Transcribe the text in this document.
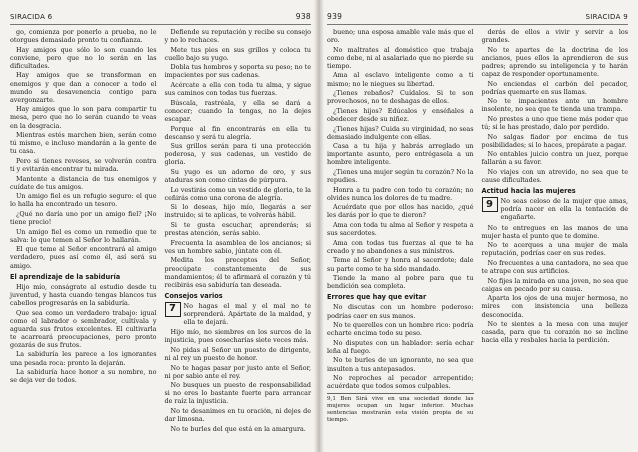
SIRACIDA 6	938

go, comienza por ponerlo a prueba, no le otorgues demasiado pronto tu confianza.

Hay amigos que sólo lo son cuando les conviene, pero que no lo serán en las dificultades.

Hay amigos que se transforman en enemigos y que dan a conocer a todo el mundo su desavenencia contigo para avergonzarte.

Hay amigos que lo son para compartir tu mesa, pero que no lo serán cuando te veas en la desgracia.

Mientras estés marchen bien, serán como tú mismo, e incluso mandarán a la gente de tu casa.

Pero si tienes reveses, se volverán contra ti y evitarán encontrar tu mirada.

Mantente a distancia de tus enemigos y cuídate de tus amigos.

Un amigo fiel es un refugio seguro: el que lo halla ha encontrado un tesoro.

¿Qué no daría uno por un amigo fiel? ¡No tiene precio!

Un amigo fiel es como un remedio que te salva: lo que temen al Señor lo hallarán.

El que teme al Señor encontrará al amigo verdadero, pues así como él, así será su amigo.

El aprendizaje de la sabiduría

Hijo mío, conságrate al estudio desde tu juventud, y hasta cuando tengas blancos tus cabellos progresarás en la sabiduría.

Que sea como un verdadero trabajo: igual como el labrador o sembrador, cultívala y aguarda sus frutos excelentes. El cultivarla te acarreará preocupaciones, pero pronto gozarás de sus frutos.

La sabiduría les parece a los ignorantes una pesada roca: pronto la dejarán.

La sabiduría hace honor a su nombre, no se deja ver de todos.

Defiende su reputación y recibe su consejo y no lo rechaces.

Mete tus pies en sus grillos y coloca tu cuello bajo su yugo.

Dobla tus hombros y soporta su peso; no te impacientes por sus cadenas.

Acércate a ella con toda tu alma, y sigue sus caminos con todas tus fuerzas.

Búscala, rastréala, y ella se dará a conocer; cuando la tengas, no la dejes escapar.

Porque al fin encontrarás en ella tu descanso y será tu alegría.

Sus grillos serán para ti una protección poderosa, y sus cadenas, un vestido de gloria.

Su yugo es un adorno de oro, y sus ataduras son como cintas de púrpura.

Lo vestirás como un vestido de gloria, te la ceñirás como una corona de alegría.

Si lo deseas, hijo mío, llegarás a ser instruido; si te aplicas, te volverás hábil.

Si te gusta escuchar, aprenderás; si prestas atención, serás sabio.

Frecuenta la asamblea de los ancianos; si ves un hombre sabio, júntate con él.

Medita los preceptos del Señor, preocúpate constantemente de sus mandamientos; él te afirmará el corazón y tú recibirás esa sabiduría tan deseada.

Consejos varios
7	No hagas el mal y el mal no te sorprenderá. Apártate de la maldad, y ella te dejará.

Hijo mío, no siembres en los surcos de la injusticia, pues cosecharías siete veces más.

No pidas al Señor un puesto de dirigente, ni al rey un puesto de honor.

No te hagas pasar por justo ante el Señor, ni por sabio ante el rey.

No busques un puesto de responsabilidad si no eres lo bastante fuerte para arrancar de raíz la injusticia.

No te desanimes en tu oración, ni dejes de dar limosna.

No te burles del que está en la amargura.

939	SIRACIDA 9

bueno; una esposa amable vale más que el oro.

No maltrates al doméstico que trabaja como debe, ni al asalariado que no pierde su tiempo.

Ama al esclavo inteligente como a ti mismo; no le niegues su libertad.

¿Tienes rebaños? Cuídalos. Si te son provechosos, no te deshagas de ellos.

¿Tienes hijos? Edúcalos y enséñales a obedecer desde su niñez.

¿Tienes hijas? Cuida su virginidad, no seas demasiado indulgente con ellas.

Casa a tu hija y habrás arreglado un importante asunto, pero entrégasela a un hombre inteligente.

¿Tienes una mujer según tu corazón? No la repudies.

Honra a tu padre con todo tu corazón; no olvides nunca los dolores de tu madre.

Acuérdate que por ellos has nacido, ¿qué les darás por lo que te dieron?

Ama con toda tu alma al Señor y respeta a sus sacerdotes.

Ama con todas tus fuerzas al que te ha creado y no abandones a sus ministros.

Teme al Señor y honra al sacerdote; dale su parte como te ha sido mandado.

Tiende la mano al pobre para que tu bendición sea completa.

Errores que hay que evitar

No discutas con un hombre poderoso: podrías caer en sus manos.

No te querelles con un hombre rico: podría echarte encima todo su peso.

No disputes con un hablador: sería echar leña al fuego.

No te burles de un ignorante, no sea que insulten a tus antepasados.

No reproches al pecador arrepentido; acuérdate que todos somos culpables.

9,1 Ben Sirá vive en una sociedad donde las mujeres ocupan un lugar inferior. Muchas sentencias mostrarán esta visión propia de su tiempo.

derás de ellos a vivir y servir a los grandes.

No te apartes de la doctrina de los ancianos, pues ellos la aprendieron de sus padres; aprendo su inteligencia y te harán capaz de responder oportunamente.

No enciendas el carbón del pecador, podrías quemarte en sus llamas.

No te impacientes ante un hombre insolente, no sea que te tienda una trampa.

No prestes a uno que tiene más poder que tú; si le has prestado, dalo por perdido.

No salgas fiador por encima de tus posibilidades; si lo haces, prepárate a pagar.

No entables juicio contra un juez, porque fallarán a su favor.

No viajes con un atrevido, no sea que te cause dificultades.

Actitud hacia las mujeres
9	No seas celoso de la mujer que amas, podría nacer en ella la tentación de engañarte.

No te entregues en las manos de una mujer hasta el punto que te domine.

No te acerques a una mujer de mala reputación, podrías caer en sus redes.

No frecuentes a una cantadora, no sea que te atrape con sus artificios.

No fijes la mirada en una joven, no sea que caigas en pecado por su causa.

Aparta los ojos de una mujer hermosa, no mires con insistencia una belleza desconocida.

No te sientes a la mesa con una mujer casada, para que tu corazón no se incline hacia ella y resbales hacia la perdición.
